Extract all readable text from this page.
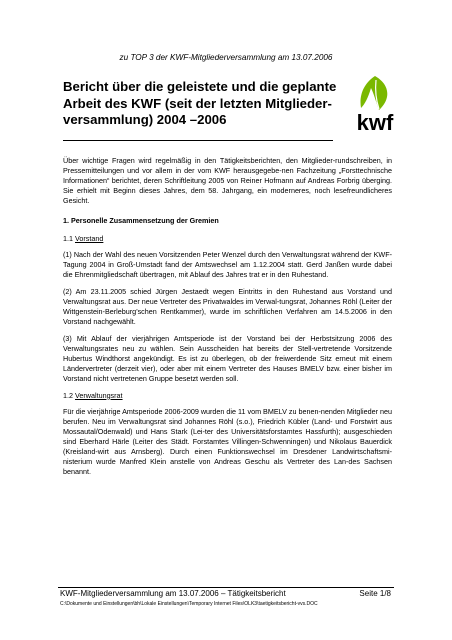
zu TOP 3 der KWF-Mitgliederversammlung am 13.07.2006
Bericht über die geleistete und die geplante
Arbeit des KWF (seit der letzten Mitglieder-
versammlung) 2004 –2006	kwf

Über wichtige Fragen wird regelmäßig in den Tätigkeitsberichten, den Mitglieder-rundschreiben, in Pressemitteilungen und vor allem in der vom KWF herausgegebe-nen Fachzeitung „Forsttechnische Informationen“ berichtet, deren Schriftleitung 2005 von Reiner Hofmann auf Andreas Forbrig überging. Sie erhielt mit Beginn dieses Jahres, dem 58. Jahrgang, ein moderneres, noch lesefreundlicheres Gesicht.

1. Personelle Zusammensetzung der Gremien

1.1 Vorstand

(1) Nach der Wahl des neuen Vorsitzenden Peter Wenzel durch den Verwaltungsrat während der KWF-Tagung 2004 in Groß-Umstadt fand der Amtswechsel am 1.12.2004 statt. Gerd Janßen wurde dabei die Ehrenmitgliedschaft übertragen, mit Ablauf des Jahres trat er in den Ruhestand.

(2) Am 23.11.2005 schied Jürgen Jestaedt wegen Eintritts in den Ruhestand aus Vorstand und Verwaltungsrat aus. Der neue Vertreter des Privatwaldes im Verwal-tungsrat, Johannes Röhl (Leiter der Wittgenstein-Berleburg’schen Rentkammer), wurde im schriftlichen Verfahren am 14.5.2006 in den Vorstand nachgewählt.

(3) Mit Ablauf der vierjährigen Amtsperiode ist der Vorstand bei der Herbstsitzung 2006 des Verwaltungsrates neu zu wählen. Sein Ausscheiden hat bereits der Stell-vertretende Vorsitzende Hubertus Windthorst angekündigt. Es ist zu überlegen, ob der freiwerdende Sitz erneut mit einem Ländervertreter (derzeit vier), oder aber mit einem Vertreter des Hauses BMELV bzw. einer bisher im Vorstand nicht vertretenen Gruppe besetzt werden soll.

1.2 Verwaltungsrat

Für die vierjährige Amtsperiode 2006-2009 wurden die 11 vom BMELV zu benen-nenden Mitglieder neu berufen. Neu im Verwaltungsrat sind Johannes Röhl (s.o.), Friedrich Kübler (Land- und Forstwirt aus Mossautal/Odenwald) und Hans Stark (Lei-ter des Universitätsforstamtes Hassfurth); ausgeschieden sind Eberhard Härle (Leiter des Städt. Forstamtes Villingen-Schwenningen) und Nikolaus Bauerdick (Kreisland-wirt aus Arnsberg). Durch einen Funktionswechsel im Dresdener Landwirtschaftsmi-nisterium wurde Manfred Klein anstelle von Andreas Geschu als Vertreter des Lan-des Sachsen benannt.

KWF-Mitgliederversammlung am 13.07.2006 – Tätigkeitsbericht	Seite 1/8
C:\Dokumente und Einstellungen\bh\Lokale Einstellungen\Temporary Internet Files\OLK3\taetigkeitsbericht-vvs.DOC
